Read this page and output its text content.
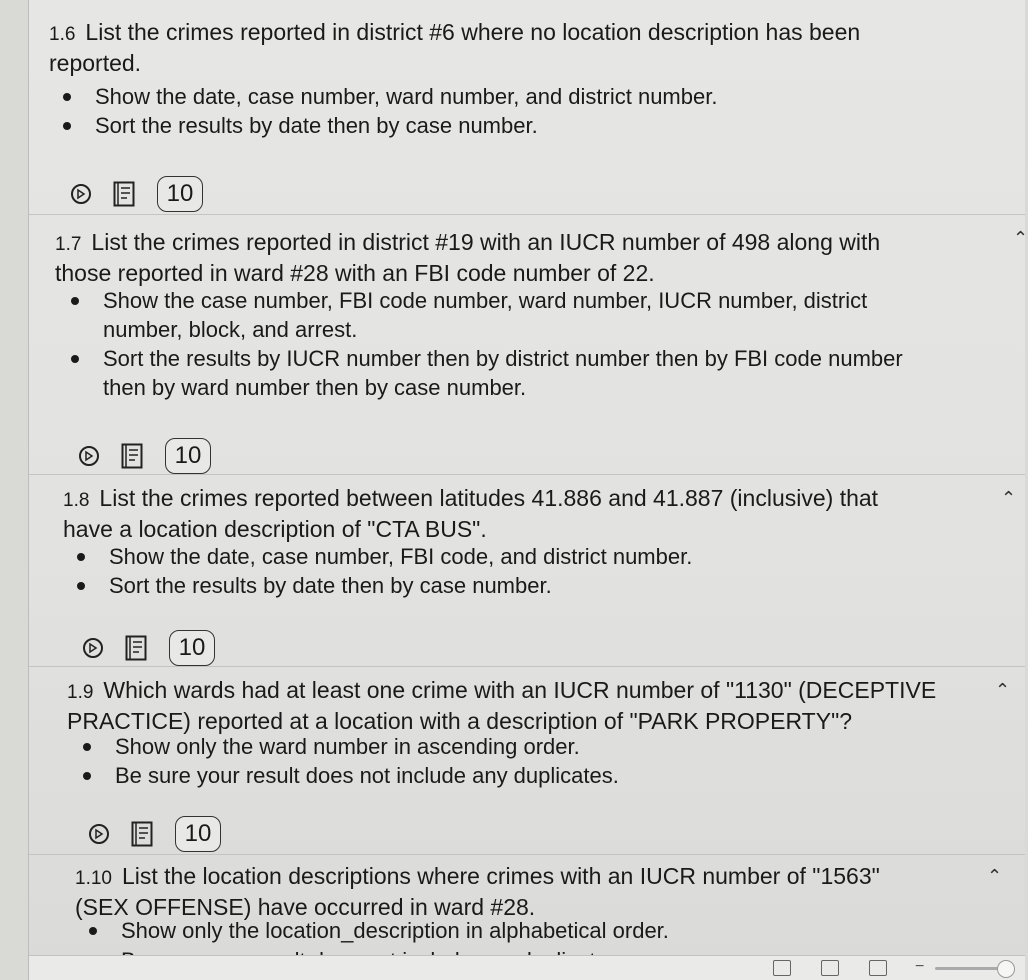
1.6 List the crimes reported in district #6 where no location description has been
reported.
Show the date, case number, ward number, and district number.
Sort the results by date then by case number.
10
1.7 List the crimes reported in district #19 with an IUCR number of 498 along with
those reported in ward #28 with an FBI code number of 22.
⌃
Show the case number, FBI code number, ward number, IUCR number, district
number, block, and arrest.
Sort the results by IUCR number then by district number then by FBI code number
then by ward number then by case number.
10
1.8 List the crimes reported between latitudes 41.886 and 41.887 (inclusive) that
have a location description of "CTA BUS".
⌃
Show the date, case number, FBI code, and district number.
Sort the results by date then by case number.
10
1.9 Which wards had at least one crime with an IUCR number of "1130" (DECEPTIVE
PRACTICE) reported at a location with a description of "PARK PROPERTY"?
⌃
Show only the ward number in ascending order.
Be sure your result does not include any duplicates.
10
1.10 List the location descriptions where crimes with an IUCR number of "1563"
(SEX OFFENSE) have occurred in ward #28.
⌃
Show only the location_description in alphabetical order.
−
